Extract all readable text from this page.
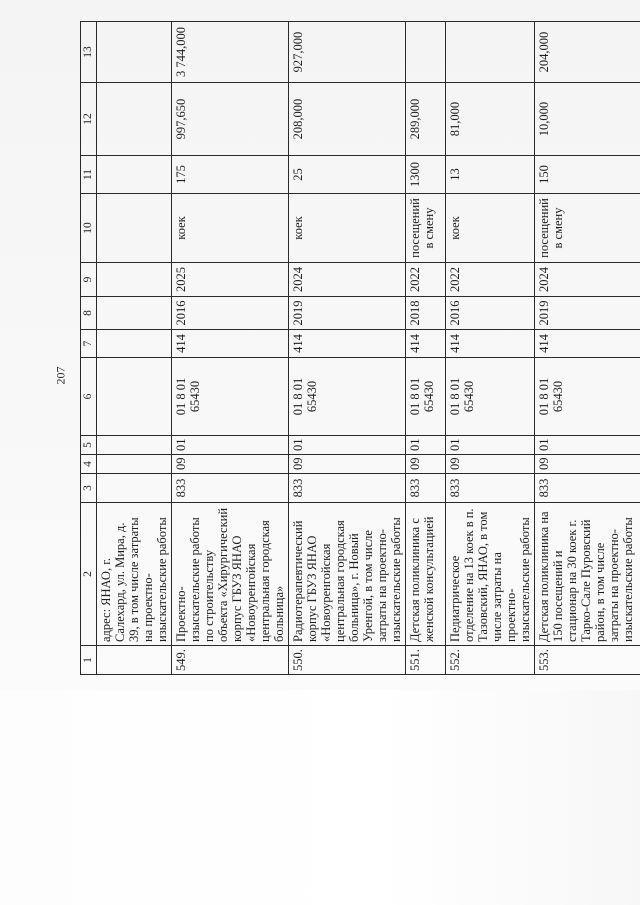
207
1	2	3	4	5	6	7	8	9	10	11	12	13
	адрес: ЯНАО, г. Салехард, ул. Мира, д. 39, в том числе затраты на проектно-изыскательские работы											
549.	Проектно-изыскательские работы по строительству объекта «Хирургический корпус ГБУЗ ЯНАО «Новоуренгойская центральная городская больница»	833	09	01	01 8 01 65430	414	2016	2025	коек	175	997,650	3 744,000
550.	Радиотерапевтический корпус ГБУЗ ЯНАО «Новоуренгойская центральная городская больница», г. Новый Уренгой, в том числе затраты на проектно-изыскательские работы	833	09	01	01 8 01 65430	414	2019	2024	коек	25	208,000	927,000
551.	Детская поликлиника с женской консультацией	833	09	01	01 8 01 65430	414	2018	2022	посещений в смену	1300	289,000	
552.	Педиатрическое отделение на 13 коек в п. Тазовский, ЯНАО, в том числе затраты на проектно-изыскательские работы	833	09	01	01 8 01 65430	414	2016	2022	коек	13	81,000	
553.	Детская поликлиника на 150 посещений и стационар на 30 коек г. Тарко-Сале Пуровский район, в том числе затраты на проектно-изыскательские работы	833	09	01	01 8 01 65430	414	2019	2024	посещений в смену	150	10,000	204,000
